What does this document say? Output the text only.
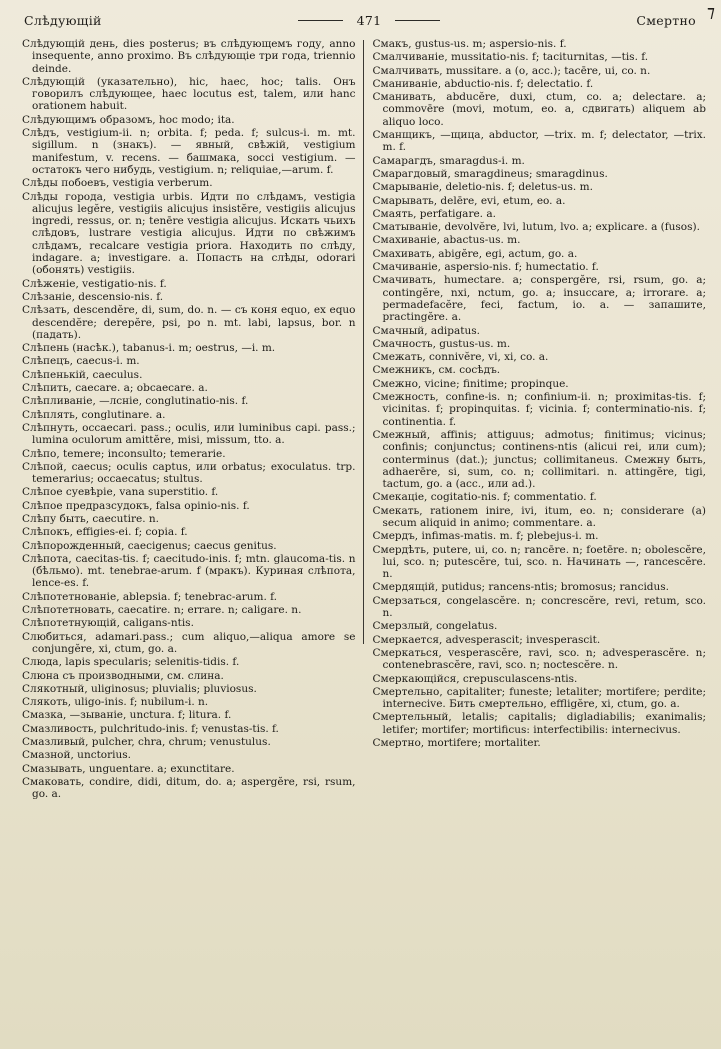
⁊
Слѣдующій	471	Смертно
Слѣдующій день, dies posterus; въ слѣдующемъ году, anno insequente, anno proximo. Въ слѣдующіе три года, triennio deinde.
Слѣдующій (указательно), hic, haec, hoc; talis. Онъ говорилъ слѣдующее, haec locutus est, talem, или hanc orationem habuit.
Слѣдующимъ образомъ, hoc modo; ita.
Слѣдъ, vestigium-ii. n; orbita. f; peda. f; sulcus-i. m. mt. sigillum. n (знакъ). — явный, свѣжій, vestigium manifestum, v. recens. — башмака, socci vestigium. — остатокъ чего нибудь, vestigium. n; reliquiae,—arum. f.
Слѣды побоевъ, vestigia verberum.
Слѣды города, vestigia urbis. Идти по слѣдамъ, vestigia alicujus legĕre, vestigiis alicujus insistĕre, vestigiis alicujus ingredi, ressus, or. n; tenēre vestigia alicujus. Искать чьихъ слѣдовъ, lustrare vestigia alicujus. Идти по свѣжимъ слѣдамъ, recalcare vestigia priora. Находить по слѣду, indagare. a; investigare. a. Попасть на слѣды, odorari (обонять) vestigiis.
Слѣженіе, vestigatio-nis. f.
Слѣзаніе, descensio-nis. f.
Слѣзать, descendĕre, di, sum, do. n. — съ коня equo, ex equo descendĕre; derepĕre, psi, po n. mt. labi, lapsus, bor. n (падать).
Слѣпень (насѣк.), tabanus-i. m; oestrus, —i. m.
Слѣпецъ, caecus-i. m.
Слѣпенькій, caeculus.
Слѣпить, caecare. a; obcaecare. a.
Слѣпливаніе, —лсніе, conglutinatio-nis. f.
Слѣплять, conglutinare. a.
Слѣпнуть, occaecari. pass.; oculis, или luminibus capi. pass.; lumina oculorum amittĕre, misi, missum, tto. a.
Слѣпо, temere; inconsulto; temerarie.
Слѣпой, caecus; oculis captus, или orbatus; exoculatus. trp. temerarius; occaecatus; stultus.
Слѣпое суевѣріе, vana superstitio. f.
Слѣпое предразсудокъ, falsa opinio-nis. f.
Слѣпу быть, caecutire. n.
Слѣпокъ, effigies-ei. f; copia. f.
Слѣпорожденный, caecigenus; caecus genitus.
Слѣпота, caecitas-tis. f; caecitudo-inis. f; mtn. glaucoma-tis. n (бѣльмо). mt. tenebrae-arum. f (мракъ). Куриная слѣпота, lence-es. f.
Слѣпотетнованіе, ablepsia. f; tenebrac-arum. f.
Слѣпотетновать, caecatire. n; errare. n; caligare. n.
Слѣпотетнующій, caligans-ntis.
Слюбиться, adamari.pass.; cum aliquo,—aliqua amore se conjungĕre, xi, ctum, go. a.
Слюда, lapis specularis; selenitis-tidis. f.
Слюна съ производными, см. слина.
Слякотный, uliginosus; pluvialis; pluviosus.
Слякоть, uligo-inis. f; nubilum-i. n.
Смазка, —зываніе, unctura. f; litura. f.
Смазливость, pulchritudo-inis. f; venustas-tis. f.
Смазливый, pulcher, chra, chrum; venustulus.
Смазной, unctorius.
Смазывать, unguentare. a; exunctitare.
Смаковать, condire, didi, ditum, do. a; aspergĕre, rsi, rsum, go. a.
Смакъ, gustus-us. m; aspersio-nis. f.
Смалчиваніе, mussitatio-nis. f; taciturnitas, —tis. f.
Смалчивать, mussitare. a (o, acc.); tacēre, ui, co. n.
Сманиваніе, abductio-nis. f; delectatio. f.
Сманивать, abducĕre, duxi, ctum, co. a; delectare. a; commovēre (movi, motum, eo. a, сдвигать) aliquem ab aliquo loco.
Сманщикъ, —щица, abductor, —trix. m. f; delectator, —trix. m. f.
Самарагдъ, smaragdus-i. m.
Смарагдовый, smaragdineus; smaragdinus.
Смарываніе, deletio-nis. f; deletus-us. m.
Смарывать, delēre, evi, etum, eo. a.
Смаять, perfatigare. a.
Сматываніе, devolvĕre, lvi, lutum, lvo. a; explicare. a (fusos).
Смахиваніе, abactus-us. m.
Смахивать, abigĕre, egi, actum, go. a.
Смачиваніе, aspersio-nis. f; humectatio. f.
Смачивать, humectare. a; conspergĕre, rsi, rsum, go. a; contingĕre, nxi, nctum, go. a; insuccare, a; irrorare. a; permadefacĕre, feci, factum, io. a. — запашите, practingĕre. a.
Смачный, adipatus.
Смачность, gustus-us. m.
Смежать, connivĕre, vi, xi, co. a.
Смежникъ, см. сосѣдъ.
Смежно, vicine; finitime; propinque.
Смежность, confine-is. n; confinium-ii. n; proximitas-tis. f; vicinitas. f; propinquitas. f; vicinia. f; conterminatio-nis. f; continentia. f.
Смежный, affinis; attiguus; admotus; finitimus; vicinus; confinis; conjunctus; continens-ntis (alicui rei, или cum); conterminus (dat.); junctus; collimitaneus. Смежну быть, adhaerēre, si, sum, co. n; collimitari. n. attingĕre, tigi, tactum, go. a (acc., или ad.).
Смекаціе, cogitatio-nis. f; commentatio. f.
Смекать, rationem inire, ivi, itum, eo. n; considerare (a) secum aliquid in animo; commentare. a.
Смердъ, infimas-matis. m. f; plebejus-i. m.
Смердѣть, putere, ui, co. n; rancēre. n; foetēre. n; obolescĕre, lui, sco. n; putescĕre, tui, sco. n. Начинать —, rancescĕre. n.
Смердящій, putidus; rancens-ntis; bromosus; rancidus.
Смерзаться, congelascĕre. n; concrescĕre, revi, retum, sco. n.
Смерзлый, congelatus.
Смеркается, advesperascit; invesperascit.
Смеркаться, vesperascĕre, ravi, sco. n; advesperascĕre. n; contenebrascĕre, ravi, sco. n; noctescĕre. n.
Смеркающійся, crepusculascens-ntis.
Смертельно, capitaliter; funeste; letaliter; mortifere; perdite; internecive. Бить смертельно, effligĕre, xi, ctum, go. a.
Смертельный, letalis; capitalis; digladiabilis; exanimalis; letifer; mortifer; mortificus: interfectibilis: internecivus.
Смертно, mortifere; mortaliter.
